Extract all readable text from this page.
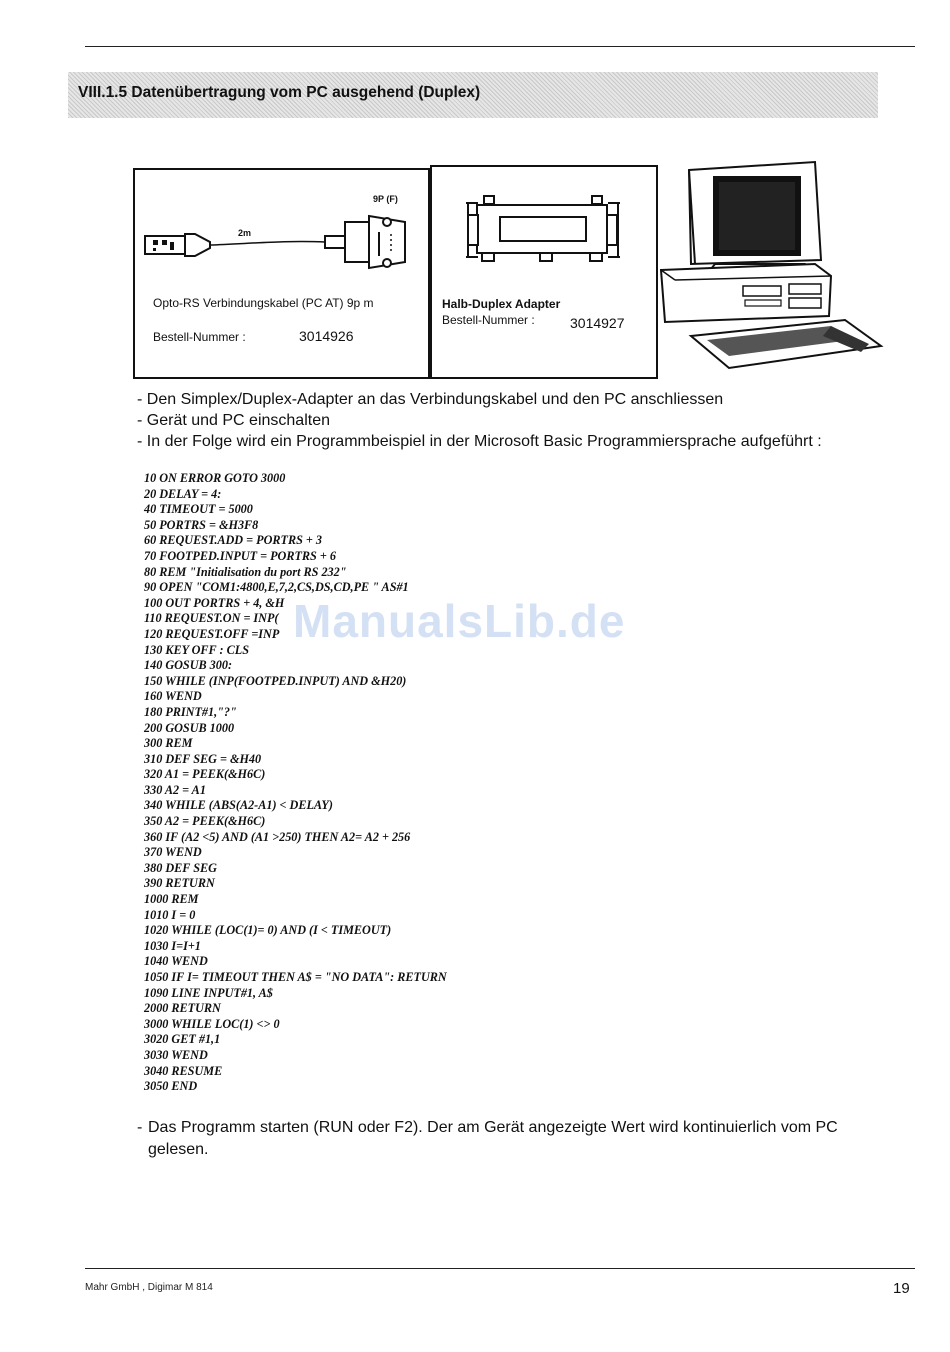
VIII.1.5 Datenübertragung vom PC ausgehend (Duplex)
2m
9P (F)
Opto-RS Verbindungskabel (PC AT) 9p m
Bestell-Nummer :	3014926
Halb-Duplex Adapter
Bestell-Nummer :	3014927
- Den Simplex/Duplex-Adapter an das Verbindungskabel und den PC anschliessen
- Gerät und PC einschalten
- In der Folge wird ein Programmbeispiel in der Microsoft Basic Programmiersprache aufgeführt :
10 ON ERROR GOTO 3000
20 DELAY = 4:
40 TIMEOUT = 5000
50 PORTRS = &H3F8
60 REQUEST.ADD = PORTRS + 3
70 FOOTPED.INPUT = PORTRS + 6
80 REM "Initialisation du port RS 232"
90 OPEN "COM1:4800,E,7,2,CS,DS,CD,PE " AS#1
100 OUT PORTRS + 4, &H
110 REQUEST.ON = INP(
120 REQUEST.OFF =INP
130 KEY OFF : CLS
140 GOSUB 300:
150 WHILE (INP(FOOTPED.INPUT) AND &H20)
160 WEND
180 PRINT#1,"?"
200 GOSUB 1000
300 REM
310 DEF SEG = &H40
320 A1 = PEEK(&H6C)
330 A2 = A1
340 WHILE (ABS(A2-A1) < DELAY)
350 A2 = PEEK(&H6C)
360 IF (A2 <5) AND (A1 >250) THEN A2= A2 + 256
370 WEND
380 DEF SEG
390 RETURN
1000 REM
1010 I = 0
1020 WHILE (LOC(1)= 0) AND (I < TIMEOUT)
1030 I=I+1
1040 WEND
1050 IF I= TIMEOUT THEN A$ = "NO DATA": RETURN
1090 LINE INPUT#1, A$
2000 RETURN
3000 WHILE LOC(1) <> 0
3020 GET #1,1
3030 WEND
3040 RESUME
3050 END
ManualsLib.de
- Das Programm starten (RUN oder F2). Der am Gerät angezeigte Wert wird kontinuierlich vom PC gelesen.
Mahr GmbH , Digimar M 814	19
